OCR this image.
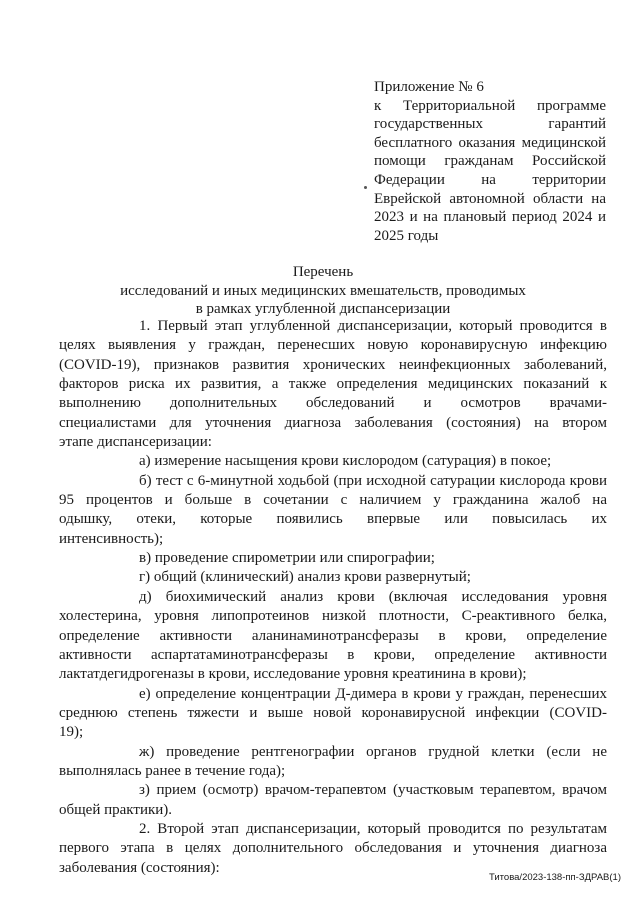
Приложение № 6
к Территориальной программе
государственных гарантий
бесплатного оказания медицинской
помощи гражданам Российской
Федерации на территории
Еврейской автономной области на
2023 и на плановый период 2024 и
2025 годы
Перечень
исследований и иных медицинских вмешательств, проводимых
в рамках углубленной диспансеризации
1. Первый этап углубленной диспансеризации, который проводится в
целях выявления у граждан, перенесших новую коронавирусную инфекцию
(COVID-19), признаков развития хронических неинфекционных заболеваний,
факторов риска их развития, а также определения медицинских показаний к
выполнению дополнительных обследований и осмотров врачами-
специалистами для уточнения диагноза заболевания (состояния) на втором
этапе диспансеризации:
а) измерение насыщения крови кислородом (сатурация) в покое;
б) тест с 6-минутной ходьбой (при исходной сатурации кислорода крови
95 процентов и больше в сочетании с наличием у гражданина жалоб на
одышку, отеки, которые появились впервые или повысилась их
интенсивность);
в) проведение спирометрии или спирографии;
г) общий (клинический) анализ крови развернутый;
д) биохимический анализ крови (включая исследования уровня
холестерина, уровня липопротеинов низкой плотности, С-реактивного белка,
определение активности аланинаминотрансферазы в крови, определение
активности аспартатаминотрансферазы в крови, определение активности
лактатдегидрогеназы в крови, исследование уровня креатинина в крови);
е) определение концентрации Д-димера в крови у граждан, перенесших
среднюю степень тяжести и выше новой коронавирусной инфекции (COVID-
19);
ж) проведение рентгенографии органов грудной клетки (если не
выполнялась ранее в течение года);
з) прием (осмотр) врачом-терапевтом (участковым терапевтом, врачом
общей практики).
2. Второй этап диспансеризации, который проводится по результатам
первого этапа в целях дополнительного обследования и уточнения диагноза
заболевания (состояния):
Титова/2023-138-пп-ЗДРАВ(1)
